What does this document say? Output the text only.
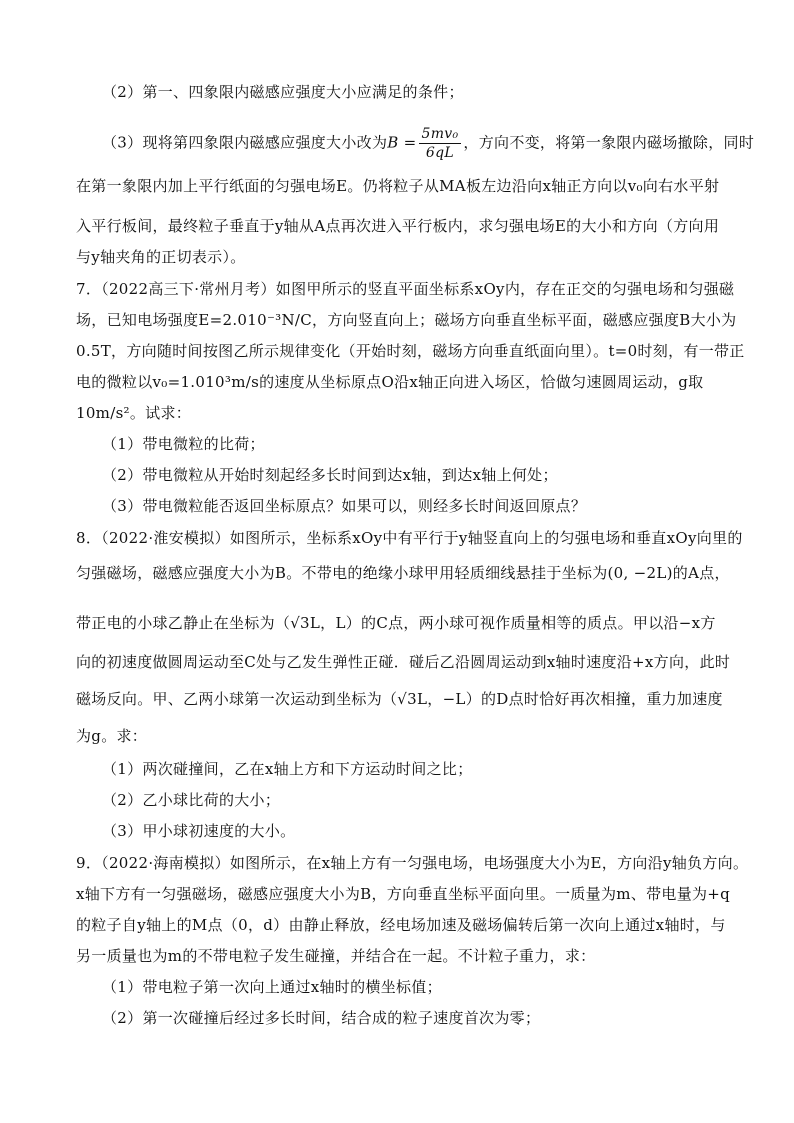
（2）第一、四象限内磁感应强度大小应满足的条件；
（3）现将第四象限内磁感应强度大小改为$B = \frac{\text{5mv₀}}{6qL}$ ，方向不变，将第一象限内磁场撤除，同时
在第一象限内加上平行纸面的匀强电场E。仍将粒子从MA板左边沿向x轴正方向以v₀向右水平射
入平行板间，最终粒子垂直于y轴从A点再次进入平行板内，求匀强电场E的大小和方向（方向用
与y轴夹角的正切表示）。
7．（2022高三下·常州月考）如图甲所示的竖直平面坐标系xOy内，存在正交的匀强电场和匀强磁
场，已知电场强度E=2.010⁻³N/C，方向竖直向上；磁场方向垂直坐标平面，磁感应强度B大小为
0.5T，方向随时间按图乙所示规律变化（开始时刻，磁场方向垂直纸面向里）。t=0时刻，有一带正
电的微粒以v₀=1.010³m/s的速度从坐标原点O沿x轴正向进入场区，恰做匀速圆周运动，g取
10m/s²。试求：
（1）带电微粒的比荷；
（2）带电微粒从开始时刻起经多长时间到达x轴，到达x轴上何处；
（3）带电微粒能否返回坐标原点？如果可以，则经多长时间返回原点？
8．（2022·淮安模拟）如图所示，坐标系xOy中有平行于y轴竖直向上的匀强电场和垂直xOy向里的
匀强磁场，磁感应强度大小为B。不带电的绝缘小球甲用轻质细线悬挂于坐标为(0, −2L)的A点，
带正电的小球乙静止在坐标为（√3L，L）的C点，两小球可视作质量相等的质点。甲以沿−x方
向的初速度做圆周运动至C处与乙发生弹性正碰．碰后乙沿圆周运动到x轴时速度沿+x方向，此时
磁场反向。甲、乙两小球第一次运动到坐标为（√3L，−L）的D点时恰好再次相撞，重力加速度
为g。求：
（1）两次碰撞间，乙在x轴上方和下方运动时间之比；
（2）乙小球比荷的大小；
（3）甲小球初速度的大小。
9．（2022·海南模拟）如图所示，在x轴上方有一匀强电场，电场强度大小为E，方向沿y轴负方向。
x轴下方有一匀强磁场，磁感应强度大小为B，方向垂直坐标平面向里。一质量为m、带电量为+q
的粒子自y轴上的M点（0，d）由静止释放，经电场加速及磁场偏转后第一次向上通过x轴时，与
另一质量也为m的不带电粒子发生碰撞，并结合在一起。不计粒子重力，求：
（1）带电粒子第一次向上通过x轴时的横坐标值；
（2）第一次碰撞后经过多长时间，结合成的粒子速度首次为零；
